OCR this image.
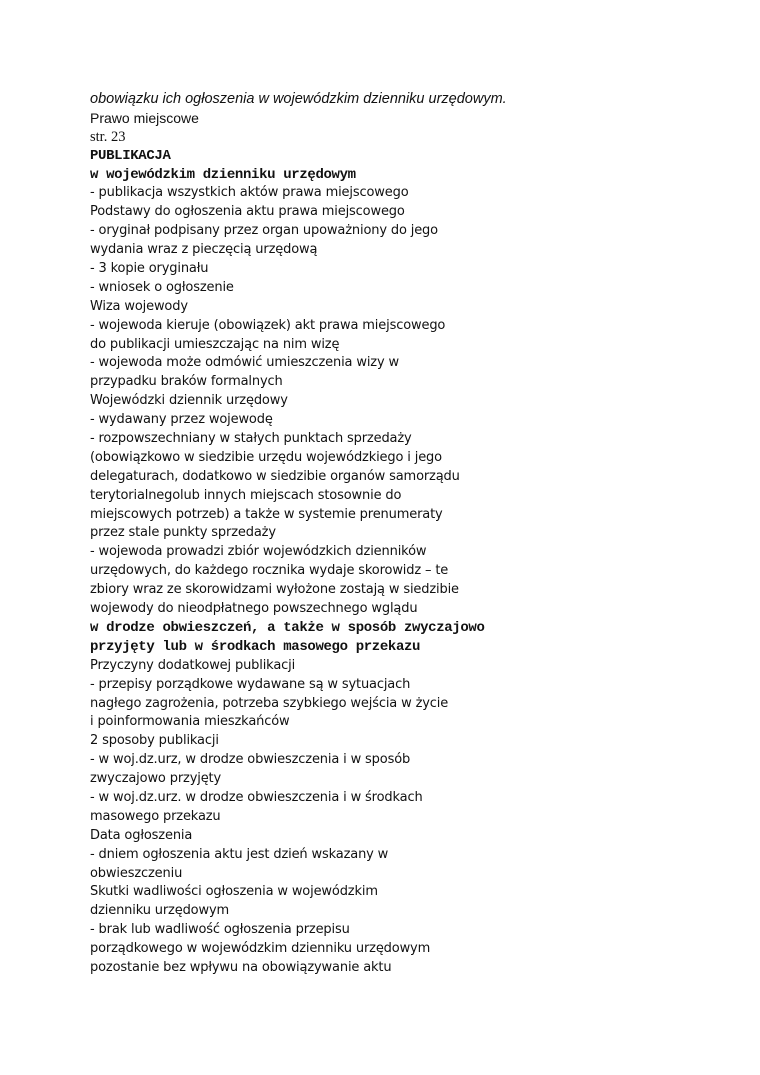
obowiązku ich ogłoszenia w wojewódzkim dzienniku urzędowym.
Prawo miejscowe
str. 23
PUBLIKACJA
w wojewódzkim dzienniku urzędowym
- publikacja wszystkich aktów prawa miejscowego
Podstawy do ogłoszenia aktu prawa miejscowego
- oryginał podpisany przez organ upoważniony do jego
wydania wraz z pieczęcią urzędową
- 3 kopie oryginału
- wniosek o ogłoszenie
Wiza wojewody
- wojewoda kieruje (obowiązek) akt prawa miejscowego
do publikacji umieszczając na nim wizę
- wojewoda może odmówić umieszczenia wizy w
przypadku braków formalnych
Wojewódzki dziennik urzędowy
- wydawany przez wojewodę
- rozpowszechniany w stałych punktach sprzedaży
(obowiązkowo w siedzibie urzędu wojewódzkiego i jego
delegaturach, dodatkowo w siedzibie organów samorządu
terytorialnegolub innych miejscach stosownie do
miejscowych potrzeb) a także w systemie prenumeraty
przez stale punkty sprzedaży
- wojewoda prowadzi zbiór wojewódzkich dzienników
urzędowych, do każdego rocznika wydaje skorowidz – te
zbiory wraz ze skorowidzami wyłożone zostają w siedzibie
wojewody do nieodpłatnego powszechnego wglądu
w drodze obwieszczeń, a także w sposób zwyczajowo
przyjęty lub w środkach masowego przekazu
Przyczyny dodatkowej publikacji
- przepisy porządkowe wydawane są w sytuacjach
nagłego zagrożenia, potrzeba szybkiego wejścia w życie
i poinformowania mieszkańców
2 sposoby publikacji
- w woj.dz.urz, w drodze obwieszczenia i w sposób
zwyczajowo przyjęty
- w woj.dz.urz. w drodze obwieszczenia i w środkach
masowego przekazu
Data ogłoszenia
- dniem ogłoszenia aktu jest dzień wskazany w
obwieszczeniu
Skutki wadliwości ogłoszenia w wojewódzkim
dzienniku urzędowym
- brak lub wadliwość ogłoszenia przepisu
porządkowego w wojewódzkim dzienniku urzędowym
pozostanie bez wpływu na obowiązywanie aktu
